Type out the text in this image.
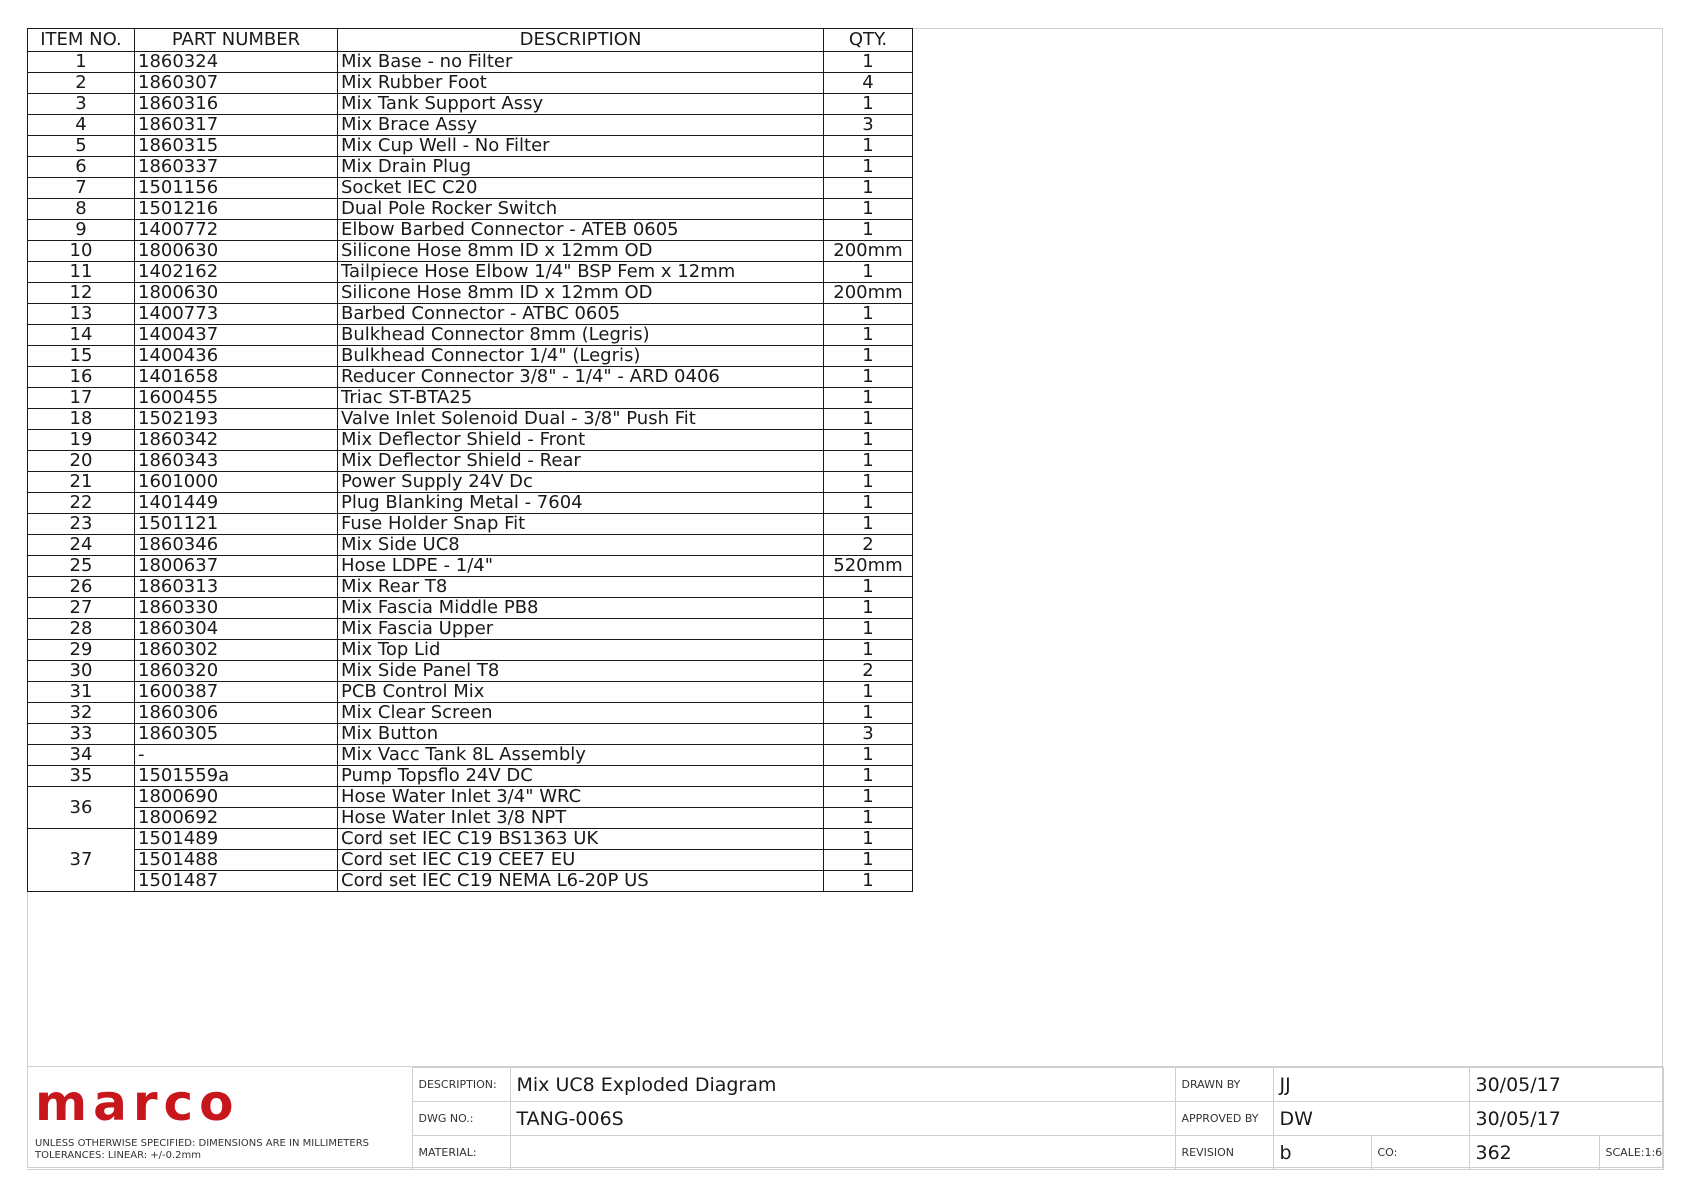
ITEM NO.	PART NUMBER	DESCRIPTION	QTY.
1	1860324	Mix Base - no Filter	1
2	1860307	Mix Rubber Foot	4
3	1860316	Mix Tank Support Assy	1
4	1860317	Mix Brace Assy	3
5	1860315	Mix Cup Well - No Filter	1
6	1860337	Mix Drain Plug	1
7	1501156	Socket IEC C20	1
8	1501216	Dual Pole Rocker Switch	1
9	1400772	Elbow Barbed Connector - ATEB 0605	1
10	1800630	Silicone Hose 8mm ID x 12mm OD	200mm
11	1402162	Tailpiece Hose Elbow 1/4" BSP Fem x 12mm	1
12	1800630	Silicone Hose 8mm ID x 12mm OD	200mm
13	1400773	Barbed Connector - ATBC 0605	1
14	1400437	Bulkhead Connector 8mm (Legris)	1
15	1400436	Bulkhead Connector 1/4" (Legris)	1
16	1401658	Reducer Connector 3/8" - 1/4" - ARD 0406	1
17	1600455	Triac ST-BTA25	1
18	1502193	Valve Inlet Solenoid Dual - 3/8" Push Fit	1
19	1860342	Mix Deflector Shield - Front	1
20	1860343	Mix Deflector Shield - Rear	1
21	1601000	Power Supply 24V Dc	1
22	1401449	Plug Blanking Metal - 7604	1
23	1501121	Fuse Holder Snap Fit	1
24	1860346	Mix Side UC8	2
25	1800637	Hose LDPE - 1/4"	520mm
26	1860313	Mix Rear T8	1
27	1860330	Mix Fascia Middle PB8	1
28	1860304	Mix Fascia Upper	1
29	1860302	Mix Top Lid	1
30	1860320	Mix Side Panel T8	2
31	1600387	PCB Control Mix	1
32	1860306	Mix Clear Screen	1
33	1860305	Mix Button	3
34	-	Mix Vacc Tank 8L Assembly	1
35	1501559a	Pump Topsflo 24V DC	1
36	1800690	Hose Water Inlet 3/4" WRC	1
	1800692	Hose Water Inlet 3/8 NPT	1
37	1501489	Cord set IEC C19 BS1363 UK	1
	1501488	Cord set IEC C19 CEE7 EU	1
	1501487	Cord set IEC C19 NEMA L6-20P US	1
marco
UNLESS OTHERWISE SPECIFIED: DIMENSIONS ARE IN MILLIMETERS
TOLERANCES: LINEAR: +/-0.2mm	DESCRIPTION:	Mix UC8 Exploded Diagram	DRAWN BY	JJ		30/05/17	
	DWG NO.:	TANG-006S	APPROVED BY	DW		30/05/17	
	MATERIAL:		REVISION	b	CO:	362	SCALE:1:6
